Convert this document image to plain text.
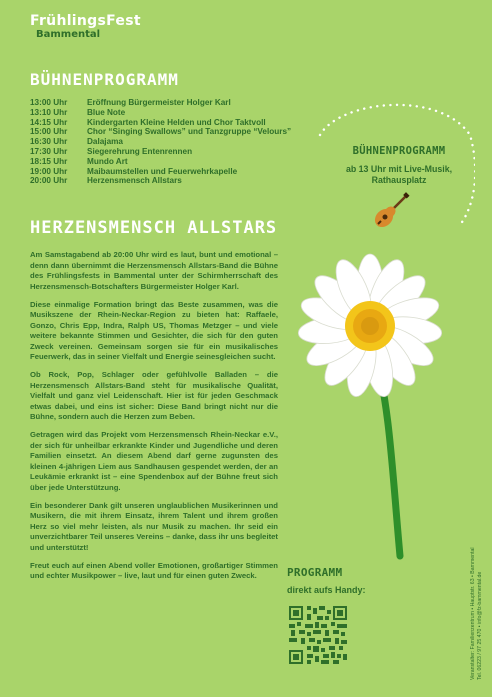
FrühlingsFest
Bammental
BÜHNENPROGRAMM
13:00 Uhr	Eröffnung Bürgermeister Holger Karl
13:10 Uhr	Blue Note
14:15 Uhr	Kindergarten Kleine Helden und Chor Taktvoll
15:00 Uhr	Chor “Singing Swallows” und Tanzgruppe “Velours”
16:30 Uhr	Dalajama
17:30 Uhr	Siegerehrung Entenrennen
18:15 Uhr	Mundo Art
19:00 Uhr	Maibaumstellen und Feuerwehrkapelle
20:00 Uhr	Herzensmensch Allstars
BÜHNENPROGRAMM
ab 13 Uhr mit Live-Musik,
Rathausplatz
HERZENSMENSCH ALLSTARS

Am Samstagabend ab 20:00 Uhr wird es laut, bunt und emotional – denn dann übernimmt die Herzensmensch Allstars-Band die Bühne des Frühlingsfests in Bammental unter der Schirmherrschaft des Herzensmensch-Botschafters Bürgermeister Holger Karl.

Diese einmalige Formation bringt das Beste zusammen, was die Musikszene der Rhein-Neckar-Region zu bieten hat: Raffaele, Gonzo, Chris Epp, Indra, Ralph US, Thomas Metzger – und viele weitere bekannte Stimmen und Gesichter, die sich für den guten Zweck vereinen. Gemeinsam sorgen sie für ein musikalisches Feuerwerk, das in seiner Vielfalt und Energie seinesgleichen sucht.

Ob Rock, Pop, Schlager oder gefühlvolle Balladen – die Herzensmensch Allstars-Band steht für musikalische Qualität, Vielfalt und ganz viel Leidenschaft. Hier ist für jeden Geschmack etwas dabei, und eins ist sicher: Diese Band bringt nicht nur die Bühne, sondern auch die Herzen zum Beben.

Getragen wird das Projekt vom Herzensmensch Rhein-Neckar e.V., der sich für unheilbar erkrankte Kinder und Jugendliche und deren Familien einsetzt. An diesem Abend darf gerne zugunsten des kleinen 4-jährigen Liem aus Sandhausen gespendet werden, der an Leukämie erkrankt ist – eine Spendenbox auf der Bühne freut sich über jede Unterstützung.

Ein besonderer Dank gilt unseren unglaublichen Musikerinnen und Musikern, die mit ihrem Einsatz, ihrem Talent und ihrem großen Herz so viel mehr leisten, als nur Musik zu machen. Ihr seid ein unverzichtbarer Teil unseres Vereins – danke, dass ihr uns begleitet und unterstützt!

Freut euch auf einen Abend voller Emotionen, großartiger Stimmen und echter Musikpower – live, laut und für einen guten Zweck.	PROGRAMM
direkt aufs Handy:	Veranstalter: Familienzentrum • Hauptstr. 63 • Bammental Tel. 06223 / 97 25 470 • info@fz-bammental.de
